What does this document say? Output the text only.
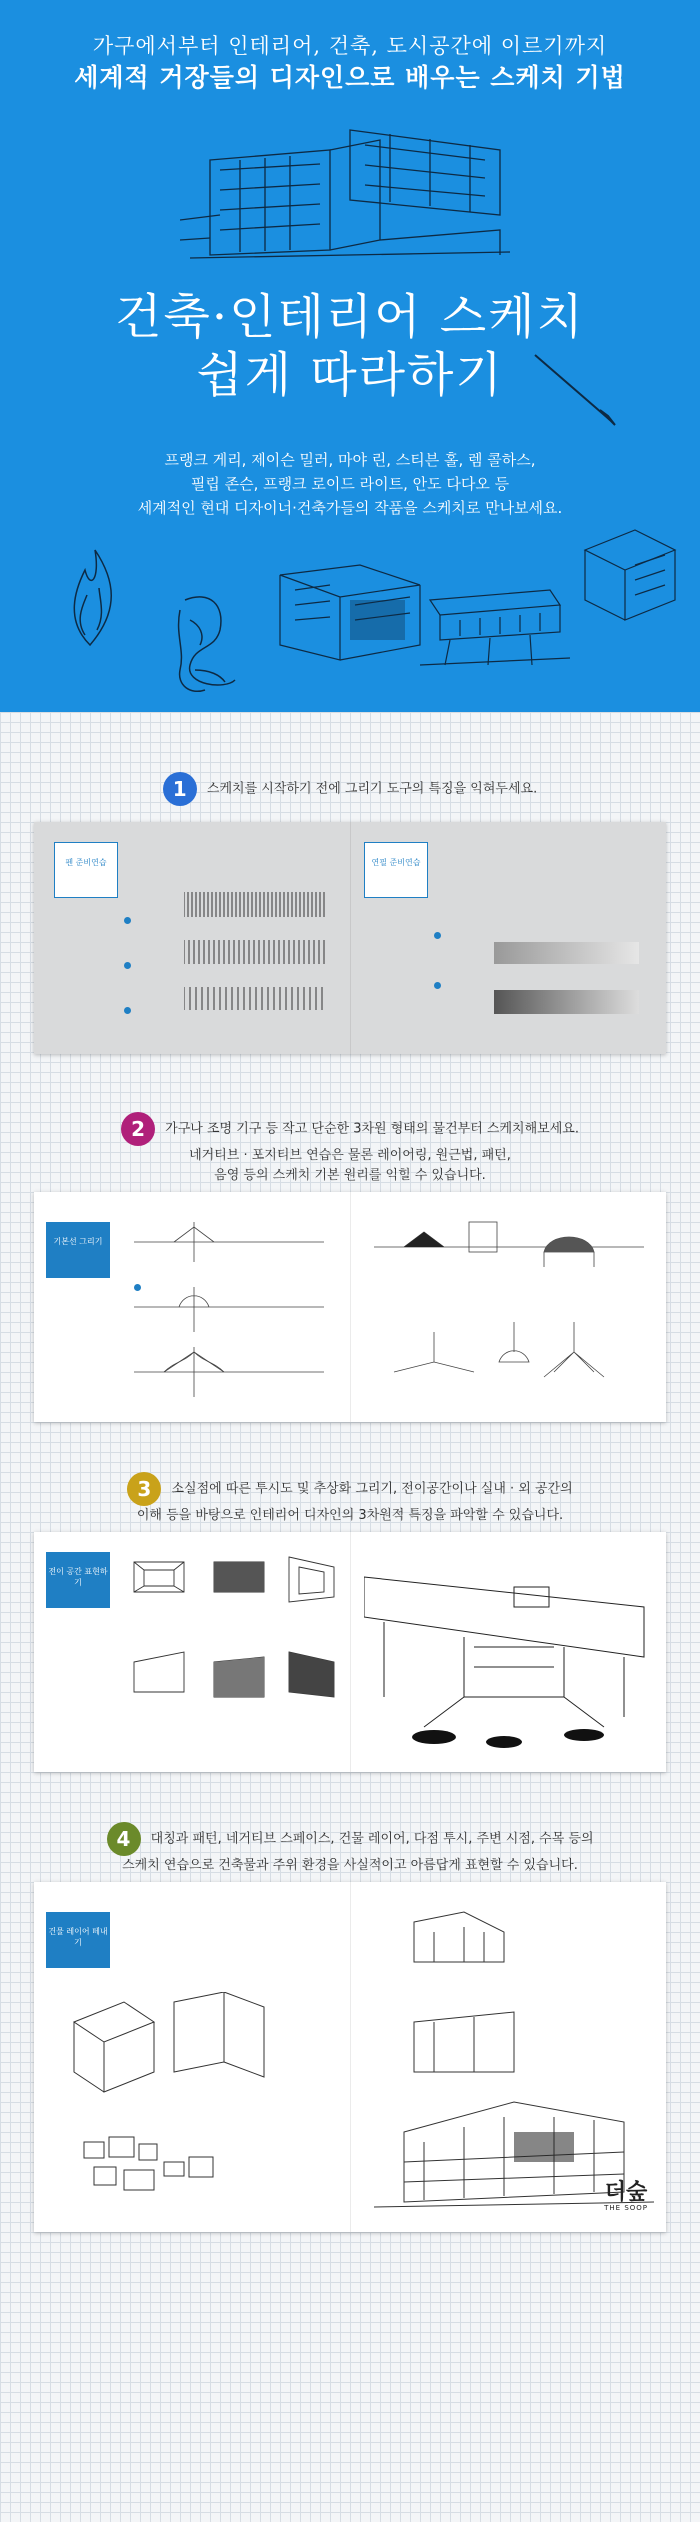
가구에서부터 인테리어, 건축, 도시공간에 이르기까지
세계적 거장들의 디자인으로 배우는 스케치 기법
건축·인테리어 스케치
쉽게 따라하기
프랭크 게리, 제이슨 밀러, 마야 린, 스티븐 홀, 렘 콜하스,
필립 존슨, 프랭크 로이드 라이트, 안도 다다오 등
세계적인 현대 디자이너·건축가들의 작품을 스케치로 만나보세요.
1 스케치를 시작하기 전에 그리기 도구의 특징을 익혀두세요.
펜 준비연습	연필 준비연습
2 가구나 조명 기구 등 작고 단순한 3차원 형태의 물건부터 스케치해보세요.
네거티브 · 포지티브 연습은 물론 레이어링, 원근법, 패턴,
음영 등의 스케치 기본 원리를 익힐 수 있습니다.
기본선 그리기
3 소실점에 따른 투시도 및 추상화 그리기, 전이공간이나 실내 · 외 공간의
이해 등을 바탕으로 인테리어 디자인의 3차원적 특징을 파악할 수 있습니다.
전이 공간 표현하기
4 대칭과 패턴, 네거티브 스페이스, 건물 레이어, 다점 투시, 주변 시점, 수목 등의
스케치 연습으로 건축물과 주위 환경을 사실적이고 아름답게 표현할 수 있습니다.
건물 레이어 떼내기
더숲
THE SOOP
